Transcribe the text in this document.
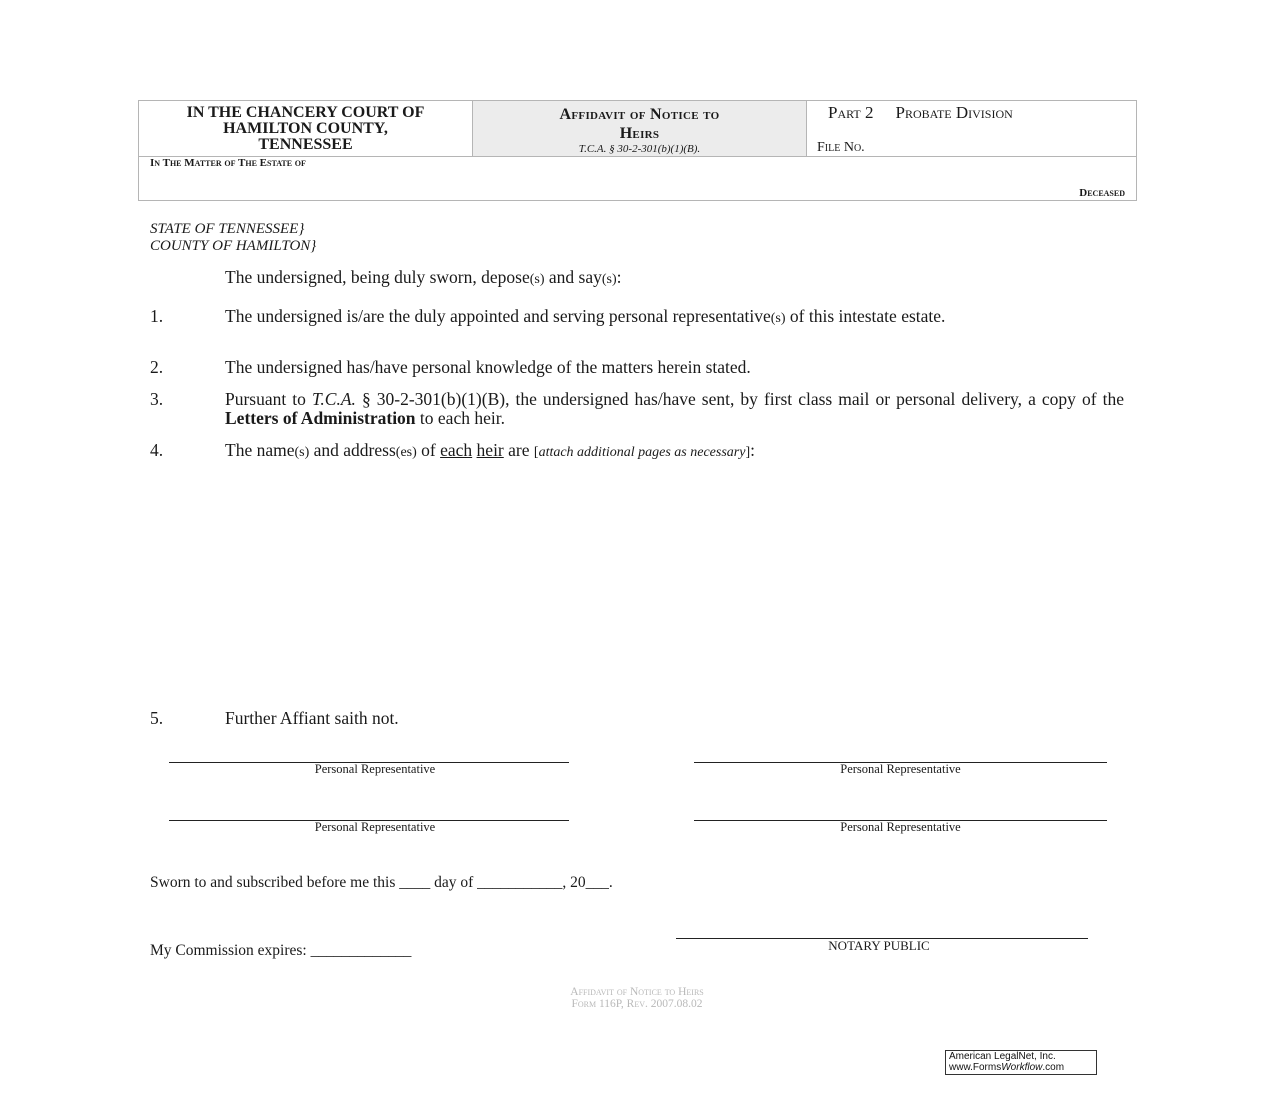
IN THE CHANCERY COURT OF
HAMILTON COUNTY,
TENNESSEE
Affidavit of Notice to
Heirs
T.C.A. § 30-2-301(b)(1)(B).
Part 2 Probate Division
File No.
In The Matter of The Estate of
Deceased
STATE OF TENNESSEE}
COUNTY OF HAMILTON}
The undersigned, being duly sworn, depose(s) and say(s):
1.	The undersigned is/are the duly appointed and serving personal representative(s) of this intestate estate.
2.	The undersigned has/have personal knowledge of the matters herein stated.
3.	Pursuant to T.C.A. § 30-2-301(b)(1)(B), the undersigned has/have sent, by first class mail or personal delivery, a copy of the Letters of Administration to each heir.
4.	The name(s) and address(es) of each heir are [attach additional pages as necessary]:
5.	Further Affiant saith not.
Personal Representative	Personal Representative
Personal Representative	Personal Representative
Sworn to and subscribed before me this ____ day of ___________, 20___.
My Commission expires: _____________	NOTARY PUBLIC
Affidavit of Notice to Heirs
Form 116P, Rev. 2007.08.02
American LegalNet, Inc.
www.FormsWorkflow.com
